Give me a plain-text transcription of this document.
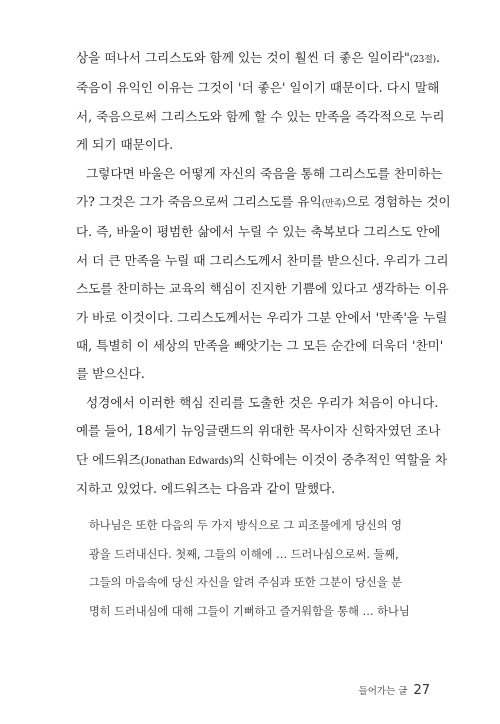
상을 떠나서 그리스도와 함께 있는 것이 훨씬 더 좋은 일이라"(23절).
죽음이 유익인 이유는 그것이 '더 좋은' 일이기 때문이다. 다시 말해
서, 죽음으로써 그리스도와 함께 할 수 있는 만족을 즉각적으로 누리
게 되기 때문이다.

그렇다면 바울은 어떻게 자신의 죽음을 통해 그리스도를 찬미하는
가? 그것은 그가 죽음으로써 그리스도를 유익(만족)으로 경험하는 것이
다. 즉, 바울이 평범한 삶에서 누릴 수 있는 축복보다 그리스도 안에
서 더 큰 만족을 누릴 때 그리스도께서 찬미를 받으신다. 우리가 그리
스도를 찬미하는 교육의 핵심이 진지한 기쁨에 있다고 생각하는 이유
가 바로 이것이다. 그리스도께서는 우리가 그분 안에서 '만족'을 누릴
때, 특별히 이 세상의 만족을 빼앗기는 그 모든 순간에 더욱더 '찬미'
를 받으신다.

성경에서 이러한 핵심 진리를 도출한 것은 우리가 처음이 아니다.
예를 들어, 18세기 뉴잉글랜드의 위대한 목사이자 신학자였던 조나
단 에드워즈(Jonathan Edwards)의 신학에는 이것이 중추적인 역할을 차
지하고 있었다. 에드워즈는 다음과 같이 말했다.

하나님은 또한 다음의 두 가지 방식으로 그 피조물에게 당신의 영
광을 드러내신다. 첫째, 그들의 이해에 … 드러나심으로써. 둘째,
그들의 마음속에 당신 자신을 알려 주심과 또한 그분이 당신을 분
명히 드러내심에 대해 그들이 기뻐하고 즐거워함을 통해 … 하나님

들어가는 글 27
